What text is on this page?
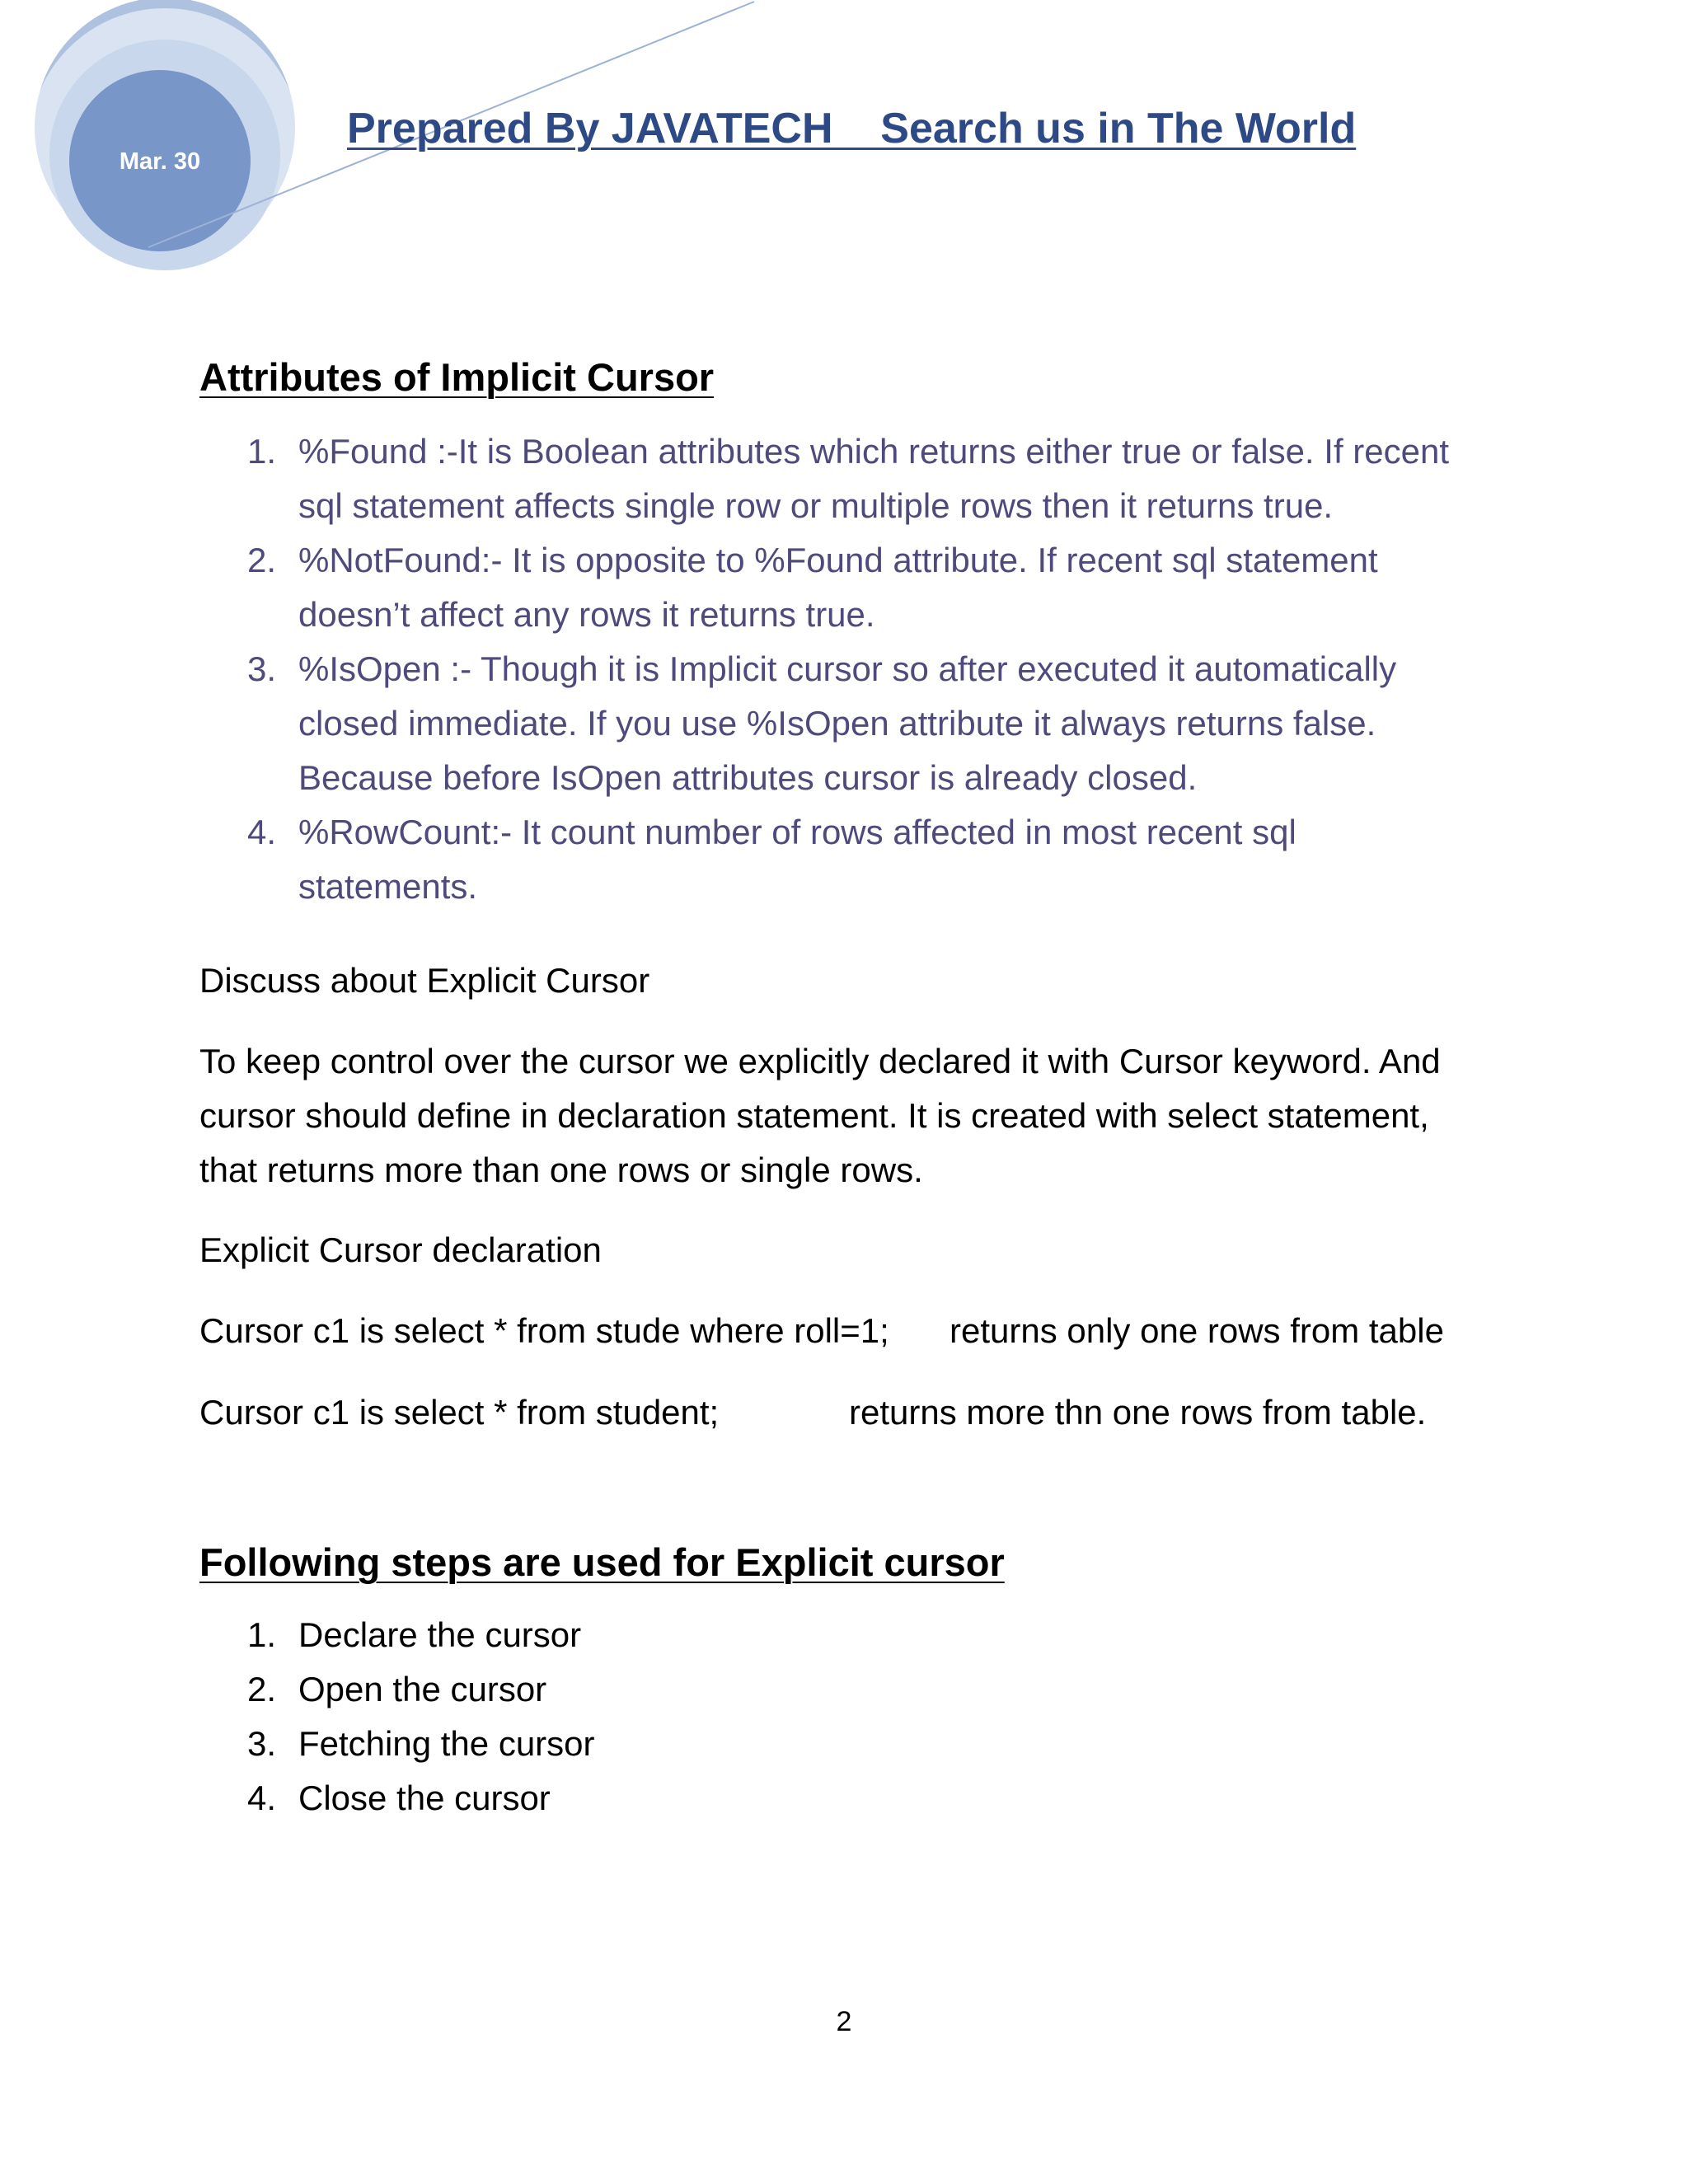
Mar. 30
Prepared By JAVATECH    Search us in The World
Attributes of Implicit Cursor
1. %Found :-It is Boolean attributes which returns either true or false. If recent
sql statement affects single row or multiple rows then it returns true.
2. %NotFound:- It is opposite to %Found attribute. If recent sql statement
doesn’t affect any rows it returns true.
3. %IsOpen :- Though it is Implicit cursor so after executed it automatically
closed immediate. If you use %IsOpen attribute it always returns false.
Because before IsOpen attributes cursor is already closed.
4. %RowCount:- It count number of rows affected in most recent sql
statements.

Discuss about Explicit Cursor

To keep control over the cursor we explicitly declared it with Cursor keyword. And

cursor should define in declaration statement. It is created with select statement,

that returns more than one rows or single rows.

Explicit Cursor declaration

Cursor c1 is select * from stude where roll=1; returns only one rows from table
Cursor c1 is select * from student;	returns more thn one rows from table.
Following steps are used for Explicit cursor
1. Declare the cursor
2. Open the cursor
3. Fetching the cursor
4. Close the cursor
2
